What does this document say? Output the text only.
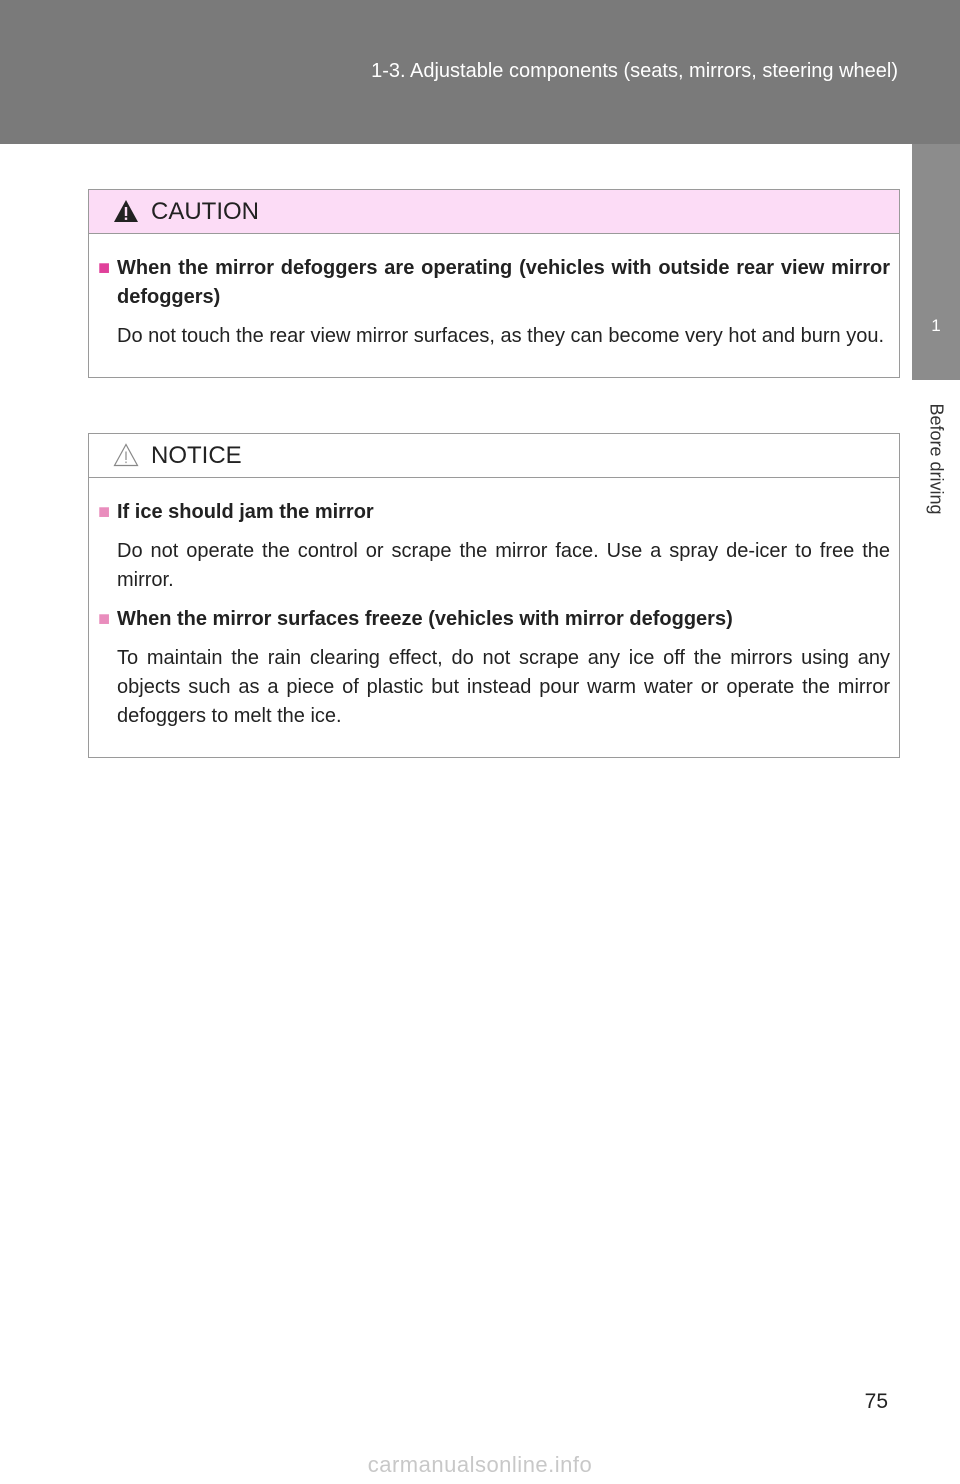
1-3. Adjustable components (seats, mirrors, steering wheel)
1
Before driving
CAUTION
■ When the mirror defoggers are operating (vehicles with outside rear view mirror defoggers)
Do not touch the rear view mirror surfaces, as they can become very hot and burn you.
NOTICE
■ If ice should jam the mirror
Do not operate the control or scrape the mirror face. Use a spray de-icer to free the mirror.
■ When the mirror surfaces freeze (vehicles with mirror defoggers)
To maintain the rain clearing effect, do not scrape any ice off the mirrors using any objects such as a piece of plastic but instead pour warm water or operate the mirror defoggers to melt the ice.
75
carmanualsonline.info
